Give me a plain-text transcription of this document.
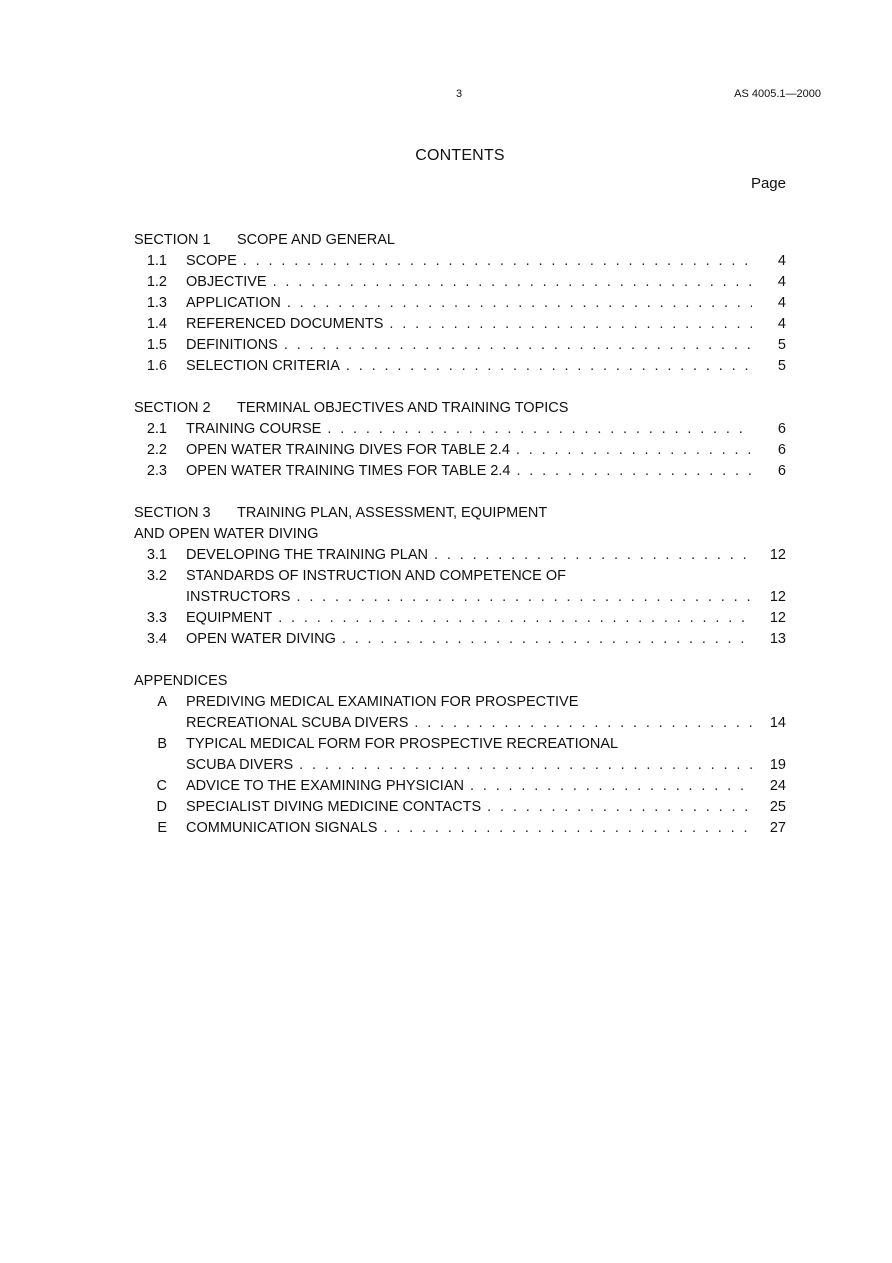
3	AS 4005.1—2000
CONTENTS
Page
SECTION 1 SCOPE AND GENERAL
1.1 SCOPE . . .	4
1.2 OBJECTIVE . . .	4
1.3 APPLICATION . . .	4
1.4 REFERENCED DOCUMENTS . . .	4
1.5 DEFINITIONS . . .	5
1.6 SELECTION CRITERIA . . .	5
SECTION 2 TERMINAL OBJECTIVES AND TRAINING TOPICS
2.1 TRAINING COURSE . . .	6
2.2 OPEN WATER TRAINING DIVES FOR TABLE 2.4 . . .	6
2.3 OPEN WATER TRAINING TIMES FOR TABLE 2.4 . . .	6
SECTION 3 TRAINING PLAN, ASSESSMENT, EQUIPMENT
AND OPEN WATER DIVING
3.1 DEVELOPING THE TRAINING PLAN . . .	12
3.2 STANDARDS OF INSTRUCTION AND COMPETENCE OF
INSTRUCTORS . . .	12
3.3 EQUIPMENT . . .	12
3.4 OPEN WATER DIVING . . .	13
APPENDICES
A PREDIVING MEDICAL EXAMINATION FOR PROSPECTIVE
RECREATIONAL SCUBA DIVERS . . .	14
B TYPICAL MEDICAL FORM FOR PROSPECTIVE RECREATIONAL
SCUBA DIVERS . . .	19
C ADVICE TO THE EXAMINING PHYSICIAN . . .	24
D SPECIALIST DIVING MEDICINE CONTACTS . . .	25
E COMMUNICATION SIGNALS . . .	27
